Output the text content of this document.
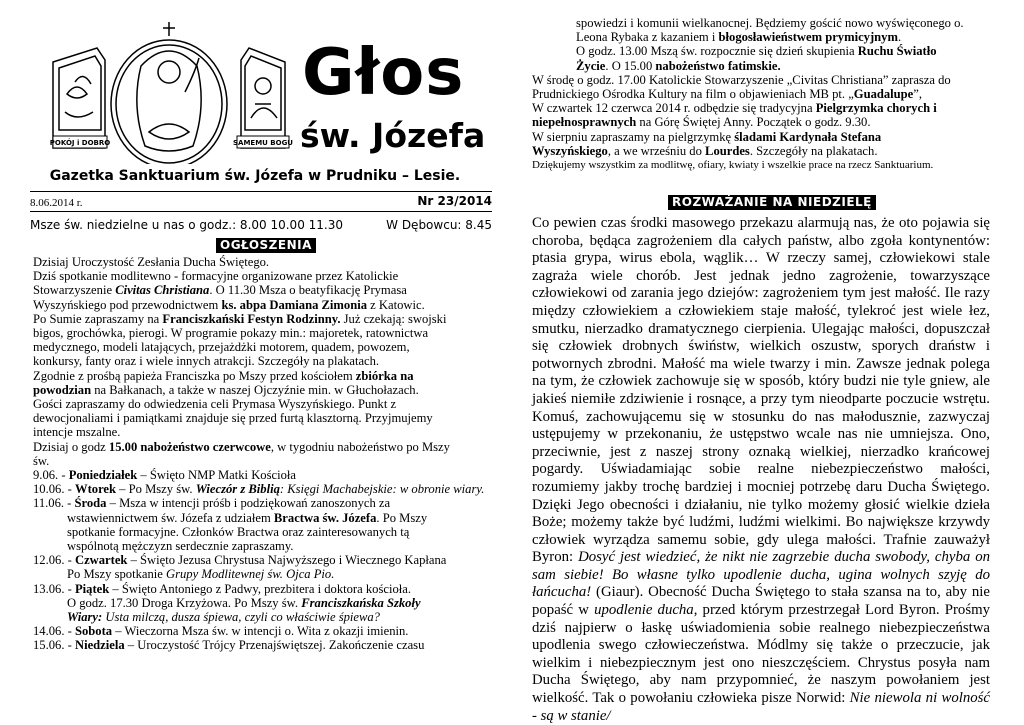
POKÓJ i DOBRO	SAMEMU BOGU
Głos
św. Józefa
Gazetka Sanktuarium św. Józefa w Prudniku – Lesie.
8.06.2014 r.	Nr 23/2014
Msze św. niedzielne u nas o godz.: 8.00 10.00 11.30	W Dębowcu: 8.45
OGŁOSZENIA

Dzisiaj Uroczystość Zesłania Ducha Świętego.

Dziś spotkanie modlitewno - formacyjne organizowane przez Katolickie

Stowarzyszenie Civitas Christiana. O 11.30 Msza o beatyfikację Prymasa

Wyszyńskiego pod przewodnictwem ks. abpa Damiana Zimonia z Katowic.

Po Sumie zapraszamy na Franciszkański Festyn Rodzinny. Już czekają: swojski

bigos, grochówka, pierogi. W programie pokazy min.: majoretek, ratownictwa

medycznego, modeli latających, przejażdżki motorem, quadem, powozem,

konkursy, fanty oraz i wiele innych atrakcji. Szczegóły na plakatach.

Zgodnie z prośbą papieża Franciszka po Mszy przed kościołem zbiórka na

powodzian na Bałkanach, a także w naszej Ojczyźnie min. w Głuchołazach.

Gości zapraszamy do odwiedzenia celi Prymasa Wyszyńskiego. Punkt z

dewocjonaliami i pamiątkami znajduje się przed furtą klasztorną. Przyjmujemy

intencje mszalne.

Dzisiaj o godz 15.00 nabożeństwo czerwcowe, w tygodniu nabożeństwo po Mszy

św.

9.06. - Poniedziałek – Święto NMP Matki Kościoła

10.06. - Wtorek – Po Mszy św. Wieczór z Biblią: Księgi Machabejskie: w obronie wiary.

11.06. - Środa – Msza w intencji próśb i podziękowań zanoszonych za

wstawiennictwem św. Józefa z udziałem Bractwa św. Józefa. Po Mszy

spotkanie formacyjne. Członków Bractwa oraz zainteresowanych tą

wspólnotą mężczyzn serdecznie zapraszamy.

12.06. - Czwartek – Święto Jezusa Chrystusa Najwyższego i Wiecznego Kapłana

Po Mszy spotkanie Grupy Modlitewnej św. Ojca Pio.

13.06. - Piątek – Święto Antoniego z Padwy, prezbitera i doktora kościoła.

O godz. 17.30 Droga Krzyżowa. Po Mszy św. Franciszkańska Szkoły

Wiary: Usta milczą, dusza śpiewa, czyli co właściwie śpiewa?

14.06. - Sobota – Wieczorna Msza św. w intencji o. Wita z okazji imienin.

15.06. - Niedziela – Uroczystość Trójcy Przenajświętszej. Zakończenie czasu

spowiedzi i komunii wielkanocnej. Będziemy gościć nowo wyświęconego o.

Leona Rybaka z kazaniem i błogosławieństwem prymicyjnym.

O godz. 13.00 Mszą św. rozpocznie się dzień skupienia Ruchu Światło

Życie. O 15.00 nabożeństwo fatimskie.

W środę o godz. 17.00 Katolickie Stowarzyszenie „Civitas Christiana” zaprasza do

Prudnickiego Ośrodka Kultury na film o objawieniach MB pt. „Guadalupe”,

W czwartek 12 czerwca 2014 r. odbędzie się tradycyjna Pielgrzymka chorych i

niepełnosprawnych na Górę Świętej Anny. Początek o godz. 9.30.

W sierpniu zapraszamy na pielgrzymkę śladami Kardynała Stefana

Wyszyńskiego, a we wrześniu do Lourdes. Szczegóły na plakatach.

Dziękujemy wszystkim za modlitwę, ofiary, kwiaty i wszelkie prace na rzecz Sanktuarium.

ROZWAŻANIE NA NIEDZIELĘ

Co pewien czas środki masowego przekazu alarmują nas, że oto pojawia się choroba, będąca zagrożeniem dla całych państw, albo zgoła kontynentów: ptasia grypa, wirus ebola, wąglik… W rzeczy samej, człowiekowi stale zagraża wiele chorób. Jest jednak jedno zagrożenie, towarzyszące człowiekowi od zarania jego dziejów: zagrożeniem tym jest małość. Ile razy między człowiekiem a człowiekiem staje małość, tylekroć jest wiele łez, smutku, nierzadko dramatycznego cierpienia. Ulegając małości, dopuszczał się człowiek drobnych świństw, wielkich oszustw, sporych draństw i potwornych zbrodni. Małość ma wiele twarzy i min. Zawsze jednak polega na tym, że człowiek zachowuje się w sposób, który budzi nie tyle gniew, ale jakieś niemiłe zdziwienie i rosnące, a przy tym nieodparte poczucie wstrętu. Komuś, zachowującemu się w stosunku do nas małodusznie, zazwyczaj ustępujemy w przekonaniu, że ustępstwo wcale nas nie umniejsza. Ono, przeciwnie, jest z naszej strony oznaką wielkiej, nierzadko krańcowej pogardy. Uświadamiając sobie realne niebezpieczeństwo małości, rozumiemy jakby trochę bardziej i mocniej potrzebę daru Ducha Świętego. Dzięki Jego obecności i działaniu, nie tylko możemy głosić wielkie dzieła Boże; możemy także być ludźmi, ludźmi wielkimi. Bo największe krzywdy człowiek wyrządza samemu sobie, gdy ulega małości. Trafnie zauważył Byron: Dosyć jest wiedzieć, że nikt nie zagrzebie ducha swobody, chyba on sam siebie! Bo własne tylko upodlenie ducha, ugina wolnych szyję do łańcucha! (Giaur). Obecność Ducha Świętego to stała szansa na to, aby nie popaść w upodlenie ducha, przed którym przestrzegał Lord Byron. Prośmy dziś najpierw o łaskę uświadomienia sobie realnego niebezpieczeństwa upodlenia swego człowieczeństwa. Módlmy się także o przeczucie, jak wielkim i niebezpiecznym jest ono nieszczęściem. Chrystus posyła nam Ducha Świętego, aby nam przypomnieć, że naszym powołaniem jest wielkość. Tak o powołaniu człowieka pisze Norwid: Nie niewola ni wolność - są w stanie/
